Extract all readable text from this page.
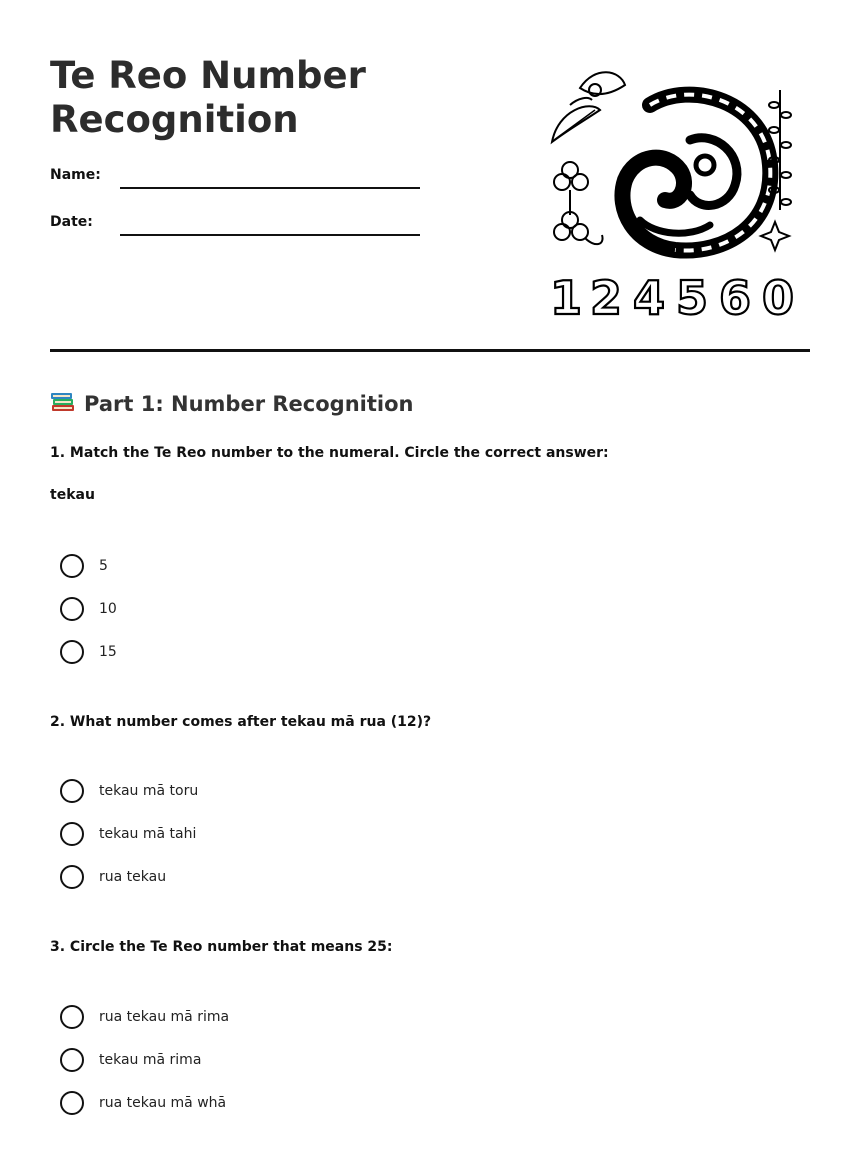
Te Reo Number
Recognition
Name:
Date:
1 2 4 5 6 0
Part 1: Number Recognition

1. Match the Te Reo number to the numeral. Circle the correct answer:

tekau
5
10
15

2. What number comes after tekau mā rua (12)?

tekau mā toru
tekau mā tahi
rua tekau

3. Circle the Te Reo number that means 25:

rua tekau mā rima
tekau mā rima
rua tekau mā whā
